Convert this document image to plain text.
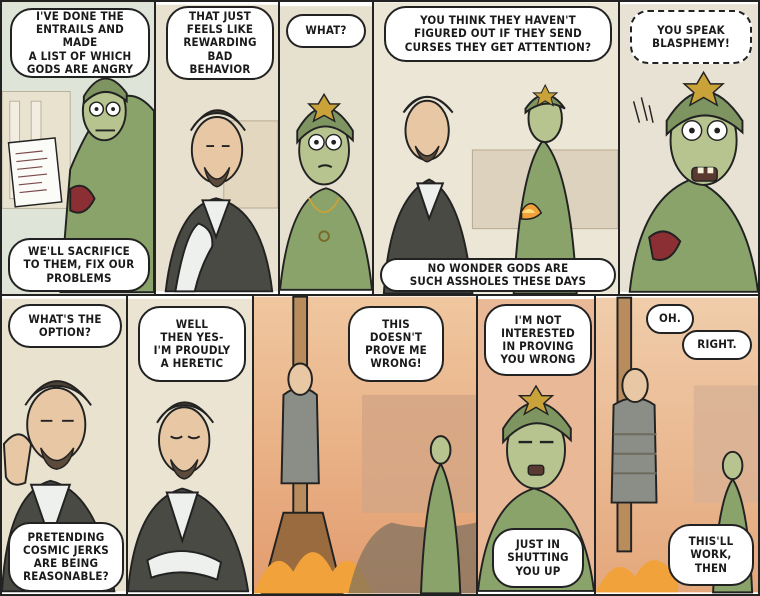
I'VE DONE THE
ENTRAILS AND MADE
A LIST OF WHICH
GODS ARE ANGRY
WE'LL SACRIFICE
TO THEM, FIX OUR
PROBLEMS
THAT JUST
FEELS LIKE
REWARDING
BAD BEHAVIOR
WHAT?
YOU THINK THEY HAVEN'T
FIGURED OUT IF THEY SEND
CURSES THEY GET ATTENTION?
NO WONDER GODS ARE
SUCH ASSHOLES THESE DAYS
YOU SPEAK
BLASPHEMY!
WHAT'S THE
OPTION?
PRETENDING
COSMIC JERKS
ARE BEING
REASONABLE?
WELL
THEN YES-
I'M PROUDLY
A HERETIC
THIS
DOESN'T
PROVE ME
WRONG!
I'M NOT
INTERESTED
IN PROVING
YOU WRONG
JUST IN
SHUTTING
YOU UP
OH.
RIGHT.
THIS'LL
WORK,
THEN
